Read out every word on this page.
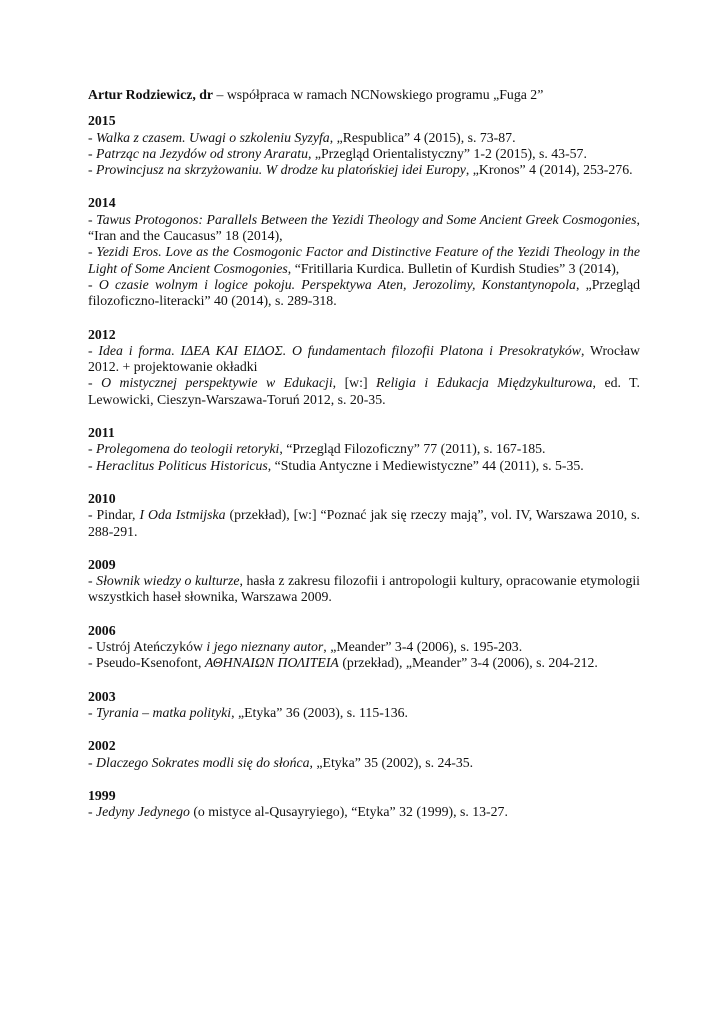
Artur Rodziewicz, dr – współpraca w ramach NCNowskiego programu „Fuga 2”
2015
- Walka z czasem. Uwagi o szkoleniu Syzyfa, „Respublica” 4 (2015), s. 73-87.
- Patrząc na Jezydów od strony Araratu, „Przegląd Orientalistyczny” 1-2 (2015), s. 43-57.
- Prowincjusz na skrzyżowaniu. W drodze ku platońskiej idei Europy, „Kronos” 4 (2014), 253-276.
2014
- Tawus Protogonos: Parallels Between the Yezidi Theology and Some Ancient Greek Cosmogonies, “Iran and the Caucasus” 18 (2014),
- Yezidi Eros. Love as the Cosmogonic Factor and Distinctive Feature of the Yezidi Theology in the Light of Some Ancient Cosmogonies, “Fritillaria Kurdica. Bulletin of Kurdish Studies” 3 (2014),
- O czasie wolnym i logice pokoju. Perspektywa Aten, Jerozolimy, Konstantynopola, „Przegląd filozoficzno-literacki” 40 (2014), s. 289-318.
2012
- Idea i forma. ΙΔΕΑ ΚΑΙ ΕΙΔΟΣ. O fundamentach filozofii Platona i Presokratyków, Wrocław 2012. + projektowanie okładki
- O mistycznej perspektywie w Edukacji, [w:] Religia i Edukacja Międzykulturowa, ed. T. Lewowicki, Cieszyn-Warszawa-Toruń 2012, s. 20-35.
2011
- Prolegomena do teologii retoryki, “Przegląd Filozoficzny” 77 (2011), s. 167-185.
- Heraclitus Politicus Historicus, “Studia Antyczne i Mediewistyczne” 44 (2011), s. 5-35.
2010
- Pindar, I Oda Istmijska (przekład), [w:] “Poznać jak się rzeczy mają”, vol. IV, Warszawa 2010, s. 288-291.
2009
- Słownik wiedzy o kulturze, hasła z zakresu filozofii i antropologii kultury, opracowanie etymologii wszystkich haseł słownika, Warszawa 2009.
2006
- Ustrój Ateńczyków i jego nieznany autor, „Meander” 3-4 (2006), s. 195-203.
- Pseudo-Ksenofont, ΑΘΗΝΑΙΩΝ ΠΟΛΙΤΕΙΑ (przekład), „Meander” 3-4 (2006), s. 204-212.
2003
- Tyrania – matka polityki, „Etyka” 36 (2003), s. 115-136.
2002
- Dlaczego Sokrates modli się do słońca, „Etyka” 35 (2002), s. 24-35.
1999
- Jedyny Jedynego (o mistyce al-Qusayryiego), “Etyka” 32 (1999), s. 13-27.
